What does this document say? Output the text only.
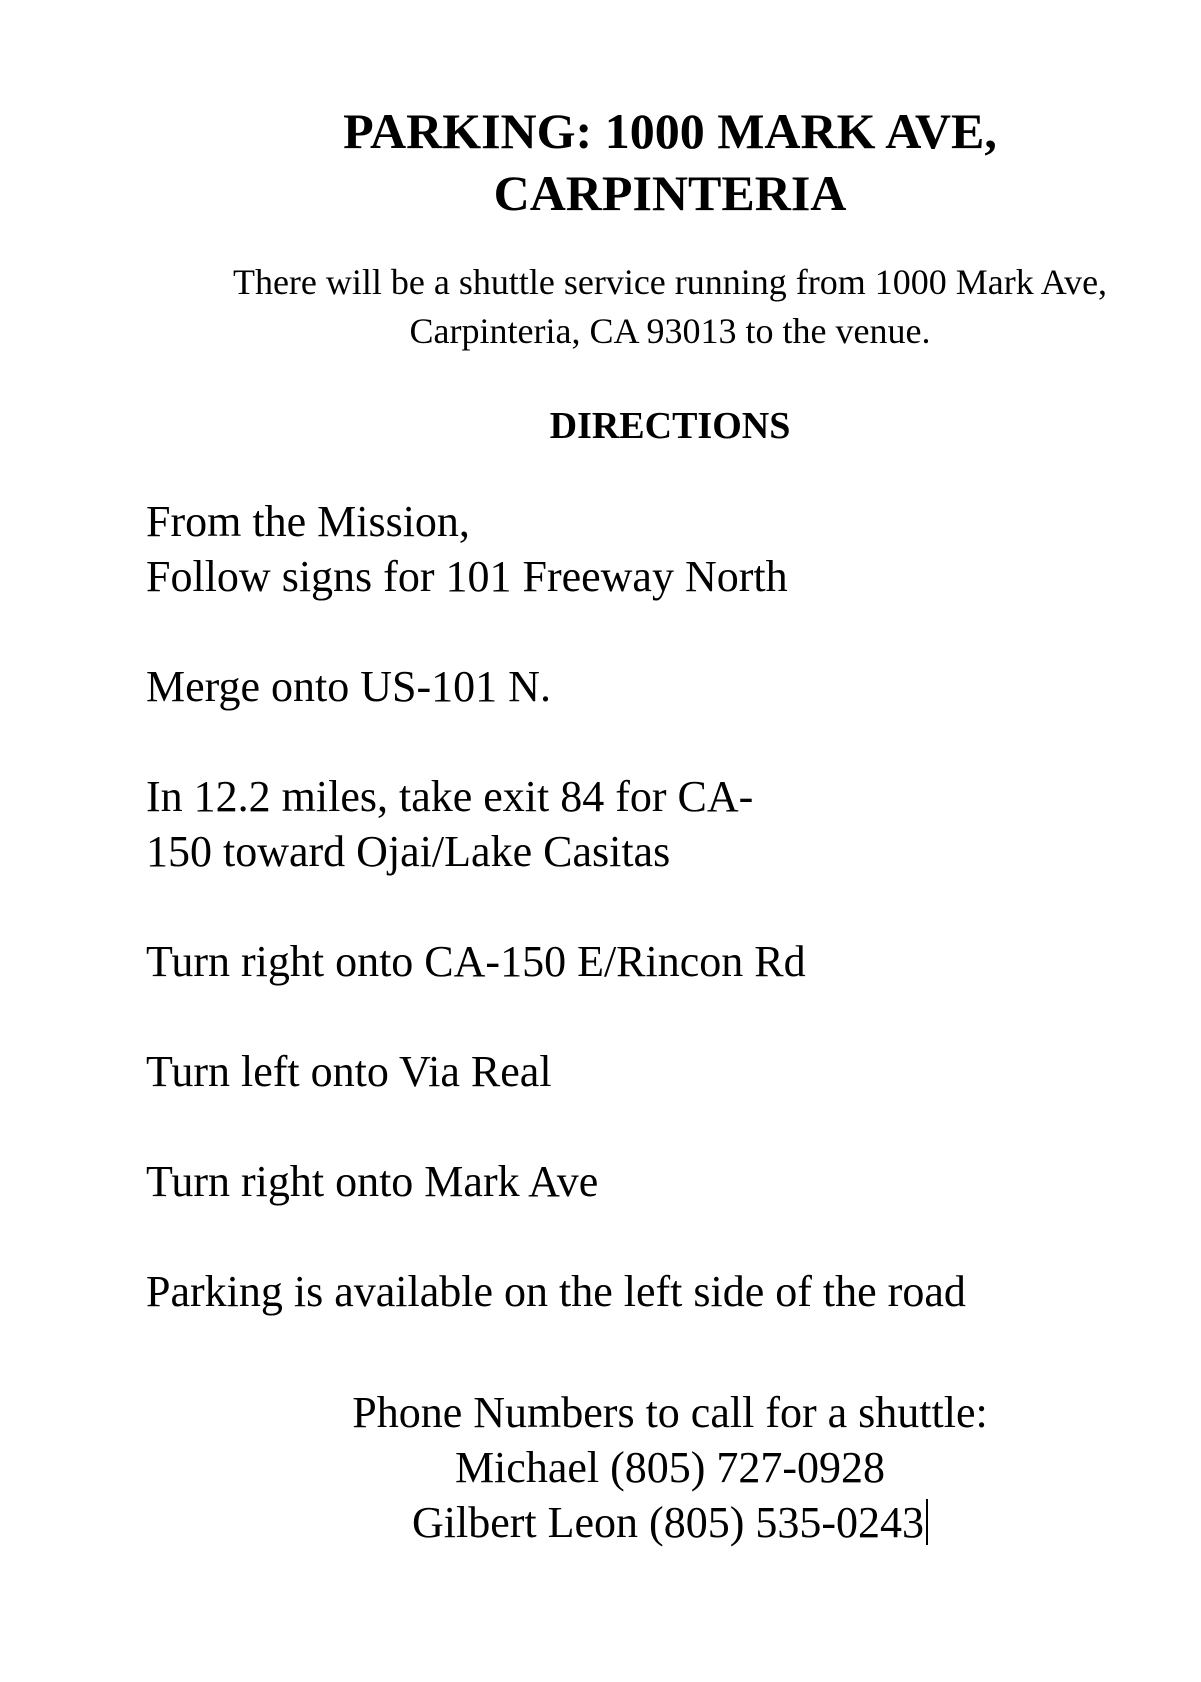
PARKING: 1000 MARK AVE,
CARPINTERIA

There will be a shuttle service running from 1000 Mark Ave,
Carpinteria, CA 93013 to the venue.

DIRECTIONS

From the Mission,
Follow signs for 101 Freeway North

Merge onto US-101 N.

In 12.2 miles, take exit 84 for CA-
150 toward Ojai/Lake Casitas

Turn right onto CA-150 E/Rincon Rd

Turn left onto Via Real

Turn right onto Mark Ave

Parking is available on the left side of the road

Phone Numbers to call for a shuttle:
Michael (805) 727-0928
Gilbert Leon (805) 535-0243
